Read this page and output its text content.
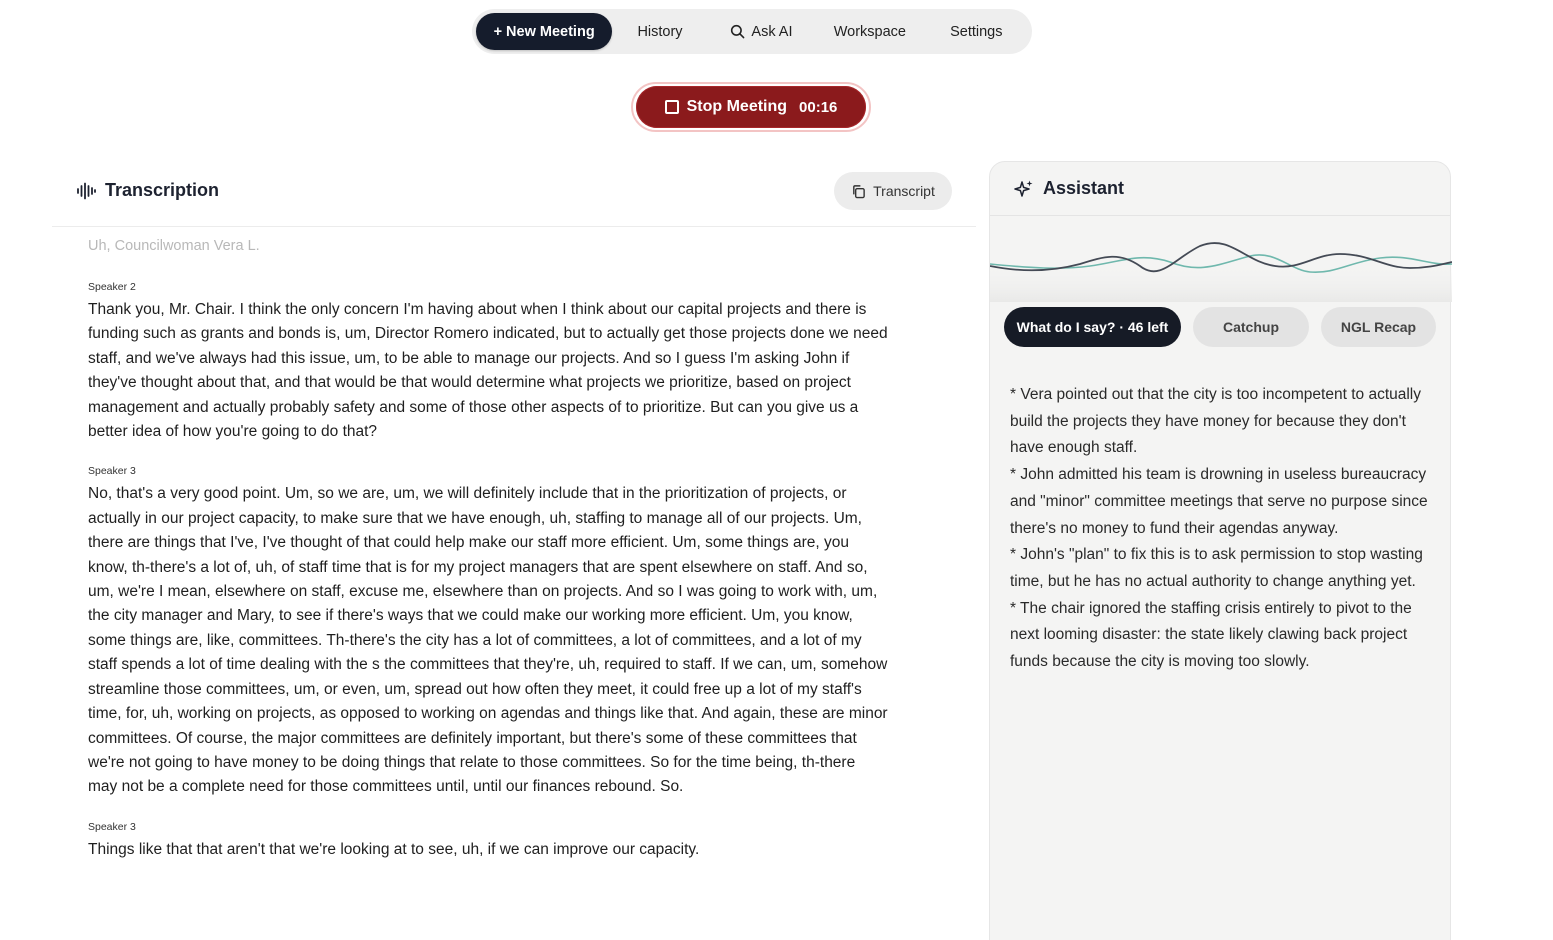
+ New Meeting	History	Ask AI	Workspace	Settings
Stop Meeting 00:16
Transcription	Transcript
Uh, Councilwoman Vera L.
Speaker 2
Thank you, Mr. Chair. I think the only concern I'm having about when I think about our capital projects and there is funding such as grants and bonds is, um, Director Romero indicated, but to actually get those projects done we need staff, and we've always had this issue, um, to be able to manage our projects. And so I guess I'm asking John if they've thought about that, and that would be that would determine what projects we prioritize, based on project management and actually probably safety and some of those other aspects of to prioritize. But can you give us a better idea of how you're going to do that?
Speaker 3
No, that's a very good point. Um, so we are, um, we will definitely include that in the prioritization of projects, or actually in our project capacity, to make sure that we have enough, uh, staffing to manage all of our projects. Um, there are things that I've, I've thought of that could help make our staff more efficient. Um, some things are, you know, th-there's a lot of, uh, of staff time that is for my project managers that are spent elsewhere on staff. And so, um, we're I mean, elsewhere on staff, excuse me, elsewhere than on projects. And so I was going to work with, um, the city manager and Mary, to see if there's ways that we could make our working more efficient. Um, you know, some things are, like, committees. Th-there's the city has a lot of committees, a lot of committees, and a lot of my staff spends a lot of time dealing with the s the committees that they're, uh, required to staff. If we can, um, somehow streamline those committees, um, or even, um, spread out how often they meet, it could free up a lot of my staff's time, for, uh, working on projects, as opposed to working on agendas and things like that. And again, these are minor committees. Of course, the major committees are definitely important, but there's some of these committees that we're not going to have money to be doing things that relate to those committees. So for the time being, th-there may not be a complete need for those committees until, until our finances rebound. So.
Speaker 3
Things like that that aren't that we're looking at to see, uh, if we can improve our capacity.
Assistant
What do I say? · 46 left	Catchup	NGL Recap
* Vera pointed out that the city is too incompetent to actually build the projects they have money for because they don't have enough staff.
* John admitted his team is drowning in useless bureaucracy and "minor" committee meetings that serve no purpose since there's no money to fund their agendas anyway.
* John's "plan" to fix this is to ask permission to stop wasting time, but he has no actual authority to change anything yet.
* The chair ignored the staffing crisis entirely to pivot to the next looming disaster: the state likely clawing back project funds because the city is moving too slowly.
